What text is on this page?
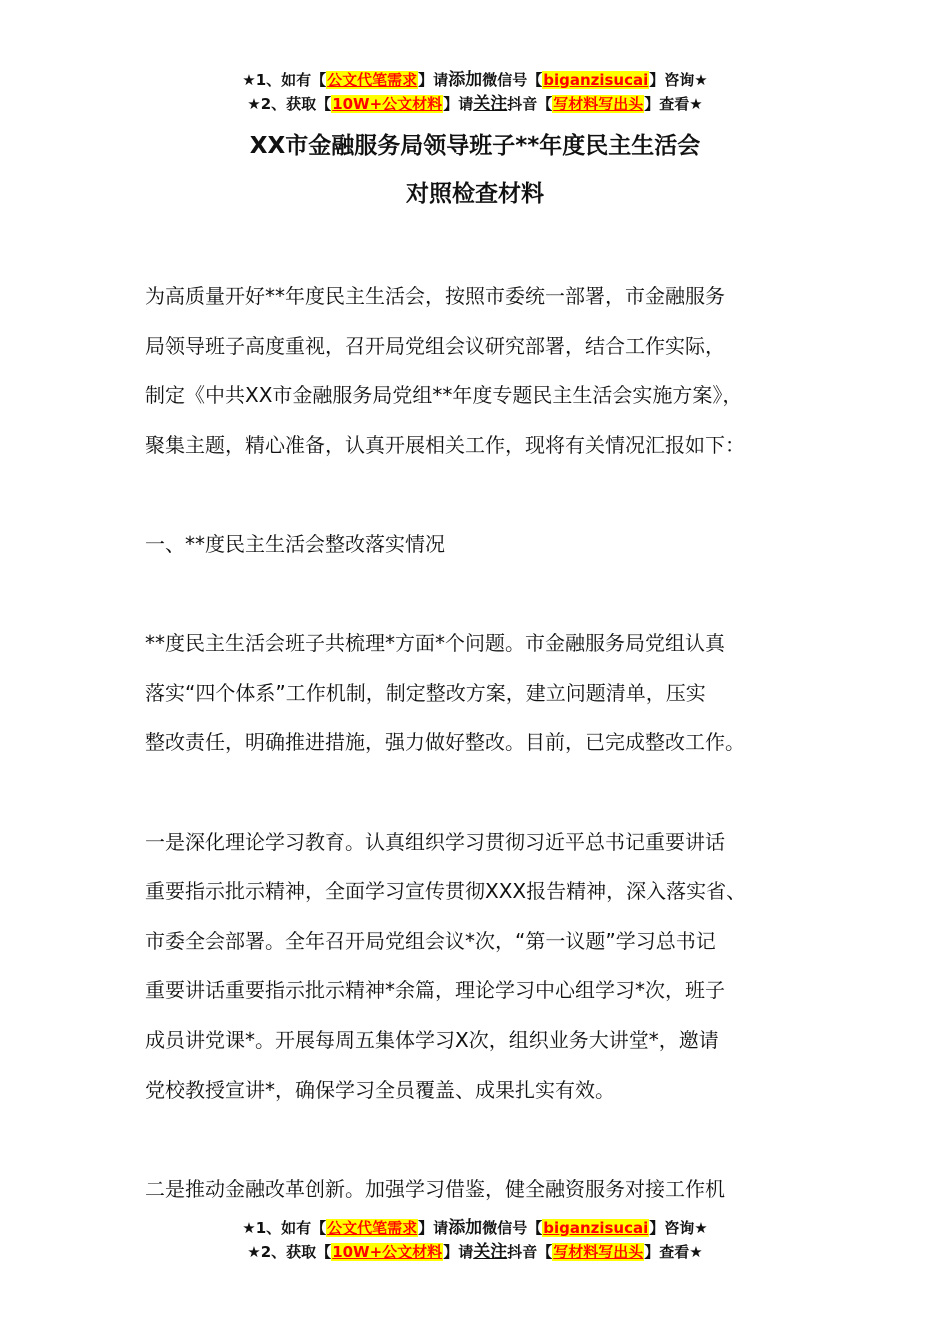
★1、如有【公文代笔需求】请添加微信号【biganzisucai】咨询★
★2、获取【10W+公文材料】请关注抖音【写材料写出头】查看★
XX市金融服务局领导班子**年度民主生活会
对照检查材料

为高质量开好**年度民主生活会，按照市委统一部署，市金融服务
局领导班子高度重视，召开局党组会议研究部署，结合工作实际，
制定《中共XX市金融服务局党组**年度专题民主生活会实施方案》，
聚集主题，精心准备，认真开展相关工作，现将有关情况汇报如下：

一、**度民主生活会整改落实情况

**度民主生活会班子共梳理*方面*个问题。市金融服务局党组认真
落实“四个体系”工作机制，制定整改方案，建立问题清单，压实
整改责任，明确推进措施，强力做好整改。目前，已完成整改工作。

一是深化理论学习教育。认真组织学习贯彻习近平总书记重要讲话
重要指示批示精神，全面学习宣传贯彻XXX报告精神，深入落实省、
市委全会部署。全年召开局党组会议*次，“第一议题”学习总书记
重要讲话重要指示批示精神*余篇，理论学习中心组学习*次，班子
成员讲党课*。开展每周五集体学习X次，组织业务大讲堂*，邀请
党校教授宣讲*，确保学习全员覆盖、成果扎实有效。

二是推动金融改革创新。加强学习借鉴，健全融资服务对接工作机

★1、如有【公文代笔需求】请添加微信号【biganzisucai】咨询★
★2、获取【10W+公文材料】请关注抖音【写材料写出头】查看★
